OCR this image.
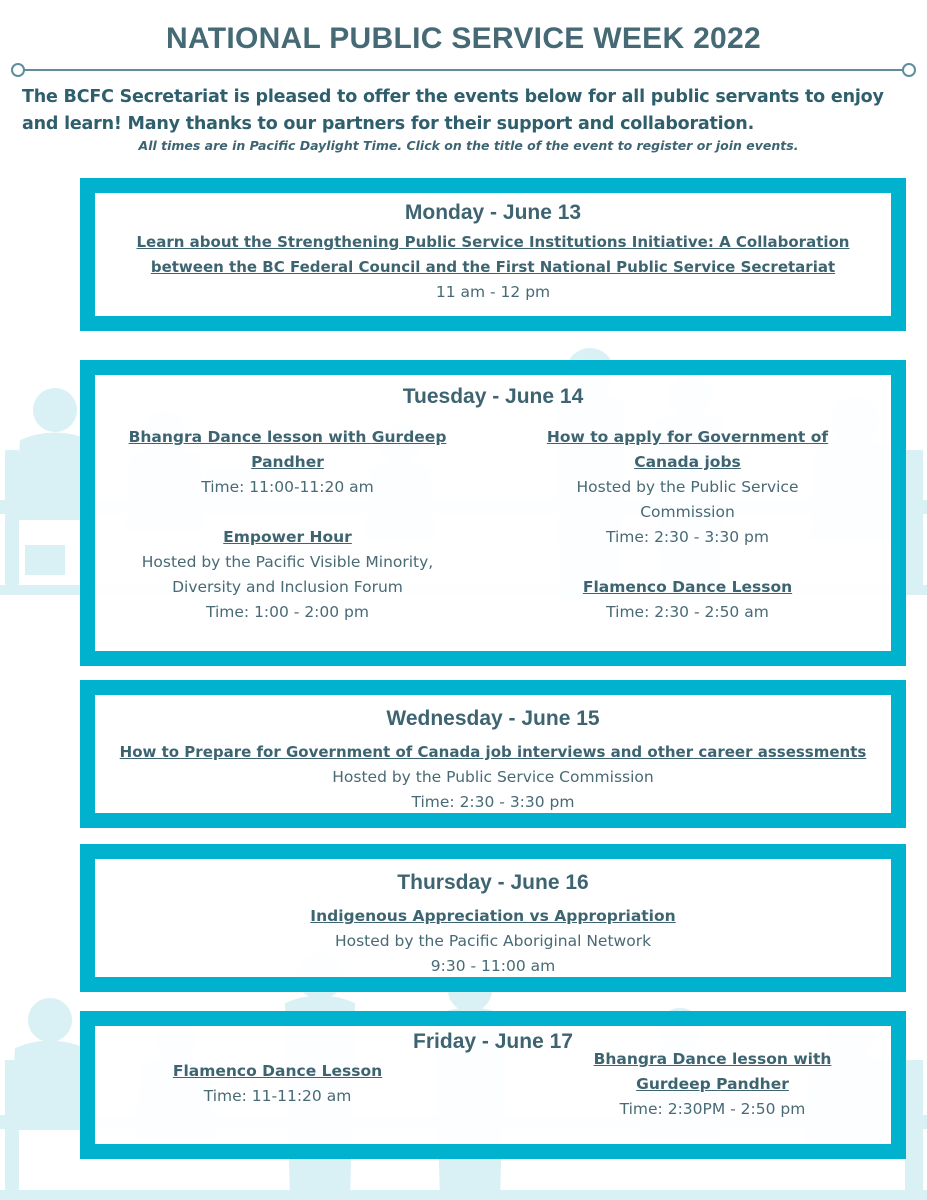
NATIONAL PUBLIC SERVICE WEEK 2022

The BCFC Secretariat is pleased to offer the events below for all public servants to enjoy and learn! Many thanks to our partners for their support and collaboration.

All times are in Pacific Daylight Time. Click on the title of the event to register or join events.

Monday - June 13
Learn about the Strengthening Public Service Institutions Initiative: A Collaboration
between the BC Federal Council and the First National Public Service Secretariat

11 am - 12 pm

Tuesday - June 14
Bhangra Dance lesson with Gurdeep
Pandher

Time: 11:00-11:20 am

Empower Hour

Hosted by the Pacific Visible Minority,

Diversity and Inclusion Forum

Time: 1:00 - 2:00 pm

How to apply for Government of
Canada jobs

Hosted by the Public Service

Commission

Time: 2:30 - 3:30 pm

Flamenco Dance Lesson

Time: 2:30 - 2:50 am

Wednesday - June 15
How to Prepare for Government of Canada job interviews and other career assessments

Hosted by the Public Service Commission

Time: 2:30 - 3:30 pm

Thursday - June 16
Indigenous Appreciation vs Appropriation

Hosted by the Pacific Aboriginal Network

9:30 - 11:00 am

Friday - June 17
Flamenco Dance Lesson

Time: 11-11:20 am

Bhangra Dance lesson with
Gurdeep Pandher

Time: 2:30PM - 2:50 pm
